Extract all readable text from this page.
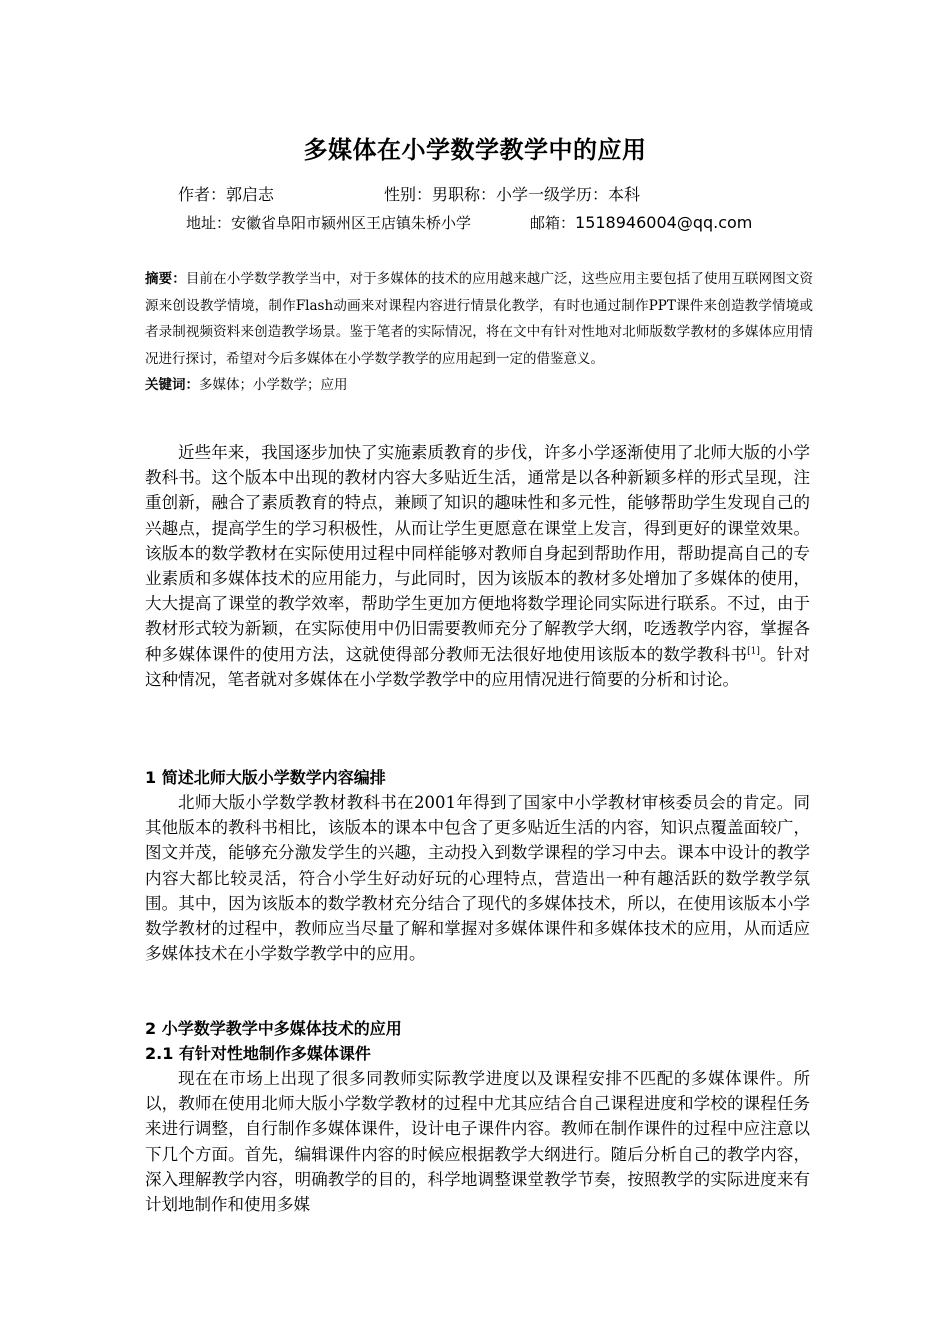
多媒体在小学数学教学中的应用
作者：郭启志	性别：男职称：小学一级学历：本科
地址：安徽省阜阳市颍州区王店镇朱桥小学	邮箱：1518946004@qq.com
摘要：目前在小学数学教学当中，对于多媒体的技术的应用越来越广泛，这些应用主要包括了使用互联网图文资源来创设教学情境，制作Flash动画来对课程内容进行情景化教学，有时也通过制作PPT课件来创造教学情境或者录制视频资料来创造教学场景。鉴于笔者的实际情况，将在文中有针对性地对北师版数学教材的多媒体应用情况进行探讨，希望对今后多媒体在小学数学教学的应用起到一定的借鉴意义。
关键词：多媒体；小学数学；应用
近些年来，我国逐步加快了实施素质教育的步伐，许多小学逐渐使用了北师大版的小学教科书。这个版本中出现的教材内容大多贴近生活，通常是以各种新颖多样的形式呈现，注重创新，融合了素质教育的特点，兼顾了知识的趣味性和多元性，能够帮助学生发现自己的兴趣点，提高学生的学习积极性，从而让学生更愿意在课堂上发言，得到更好的课堂效果。该版本的数学教材在实际使用过程中同样能够对教师自身起到帮助作用，帮助提高自己的专业素质和多媒体技术的应用能力，与此同时，因为该版本的教材多处增加了多媒体的使用，大大提高了课堂的教学效率，帮助学生更加方便地将数学理论同实际进行联系。不过，由于教材形式较为新颖，在实际使用中仍旧需要教师充分了解教学大纲，吃透教学内容，掌握各种多媒体课件的使用方法，这就使得部分教师无法很好地使用该版本的数学教科书[1]。针对这种情况，笔者就对多媒体在小学数学教学中的应用情况进行简要的分析和讨论。
1 简述北师大版小学数学内容编排
北师大版小学数学教材教科书在2001年得到了国家中小学教材审核委员会的肯定。同其他版本的教科书相比，该版本的课本中包含了更多贴近生活的内容，知识点覆盖面较广，图文并茂，能够充分激发学生的兴趣，主动投入到数学课程的学习中去。课本中设计的教学内容大都比较灵活，符合小学生好动好玩的心理特点，营造出一种有趣活跃的数学教学氛围。其中，因为该版本的数学教材充分结合了现代的多媒体技术，所以，在使用该版本小学数学教材的过程中，教师应当尽量了解和掌握对多媒体课件和多媒体技术的应用，从而适应多媒体技术在小学数学教学中的应用。
2 小学数学教学中多媒体技术的应用
2.1 有针对性地制作多媒体课件
现在在市场上出现了很多同教师实际教学进度以及课程安排不匹配的多媒体课件。所以，教师在使用北师大版小学数学教材的过程中尤其应结合自己课程进度和学校的课程任务来进行调整，自行制作多媒体课件，设计电子课件内容。教师在制作课件的过程中应注意以下几个方面。首先，编辑课件内容的时候应根据教学大纲进行。随后分析自己的教学内容，深入理解教学内容，明确教学的目的，科学地调整课堂教学节奏，按照教学的实际进度来有计划地制作和使用多媒
